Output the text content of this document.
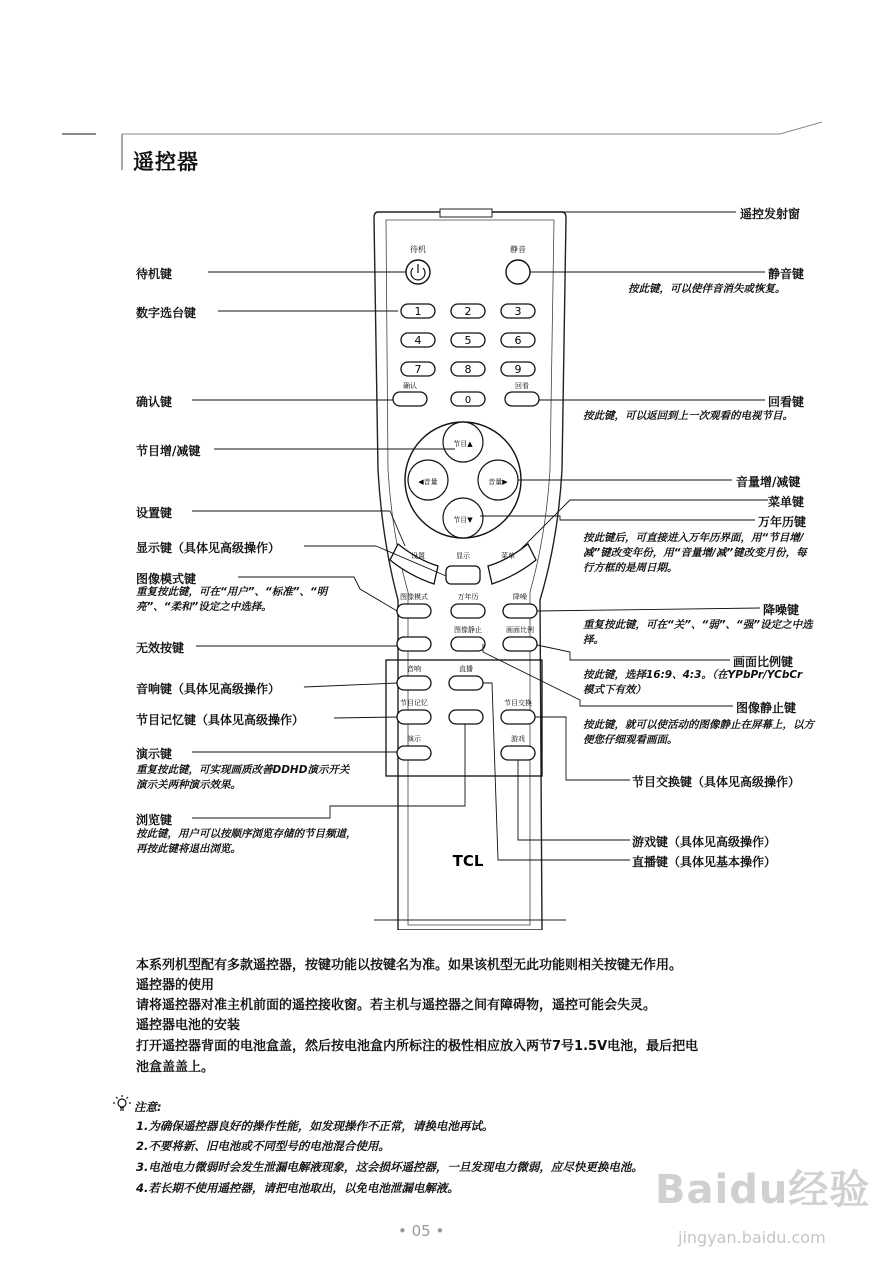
遥控器
待机	静音
1	2	3
4	5	6
7	8	9
确认
0
回看
节目▲
节目▼
◀音量	音量▶
设置	显示	菜单
图像模式	万年历	降噪
图像静止	画面比例
音响	直播
节目记忆	节目交换
演示	游戏
TCL
待机键
数字选台键
确认键
节目增/减键
设置键
显示键（具体见高级操作）
图像模式键
重复按此键，可在“用户”、“标准”、“明亮”、“柔和”设定之中选择。
无效按键
音响键（具体见高级操作）
节目记忆键（具体见高级操作）
演示键
重复按此键，可实现画质改善DDHD演示开关演示关两种演示效果。
浏览键
按此键，用户可以按顺序浏览存储的节目频道，再按此键将退出浏览。
遥控发射窗
静音键
按此键，可以使伴音消失或恢复。
回看键
按此键，可以返回到上一次观看的电视节目。
音量增/减键
菜单键
万年历键
按此键后，可直接进入万年历界面，用“节目增/减”键改变年份，用“音量增/减”键改变月份，每行方框的是周日期。
降噪键
重复按此键，可在“关”、“弱”、“强”设定之中选择。
画面比例键
按此键，选择16:9、4:3。（在YPbPr/YCbCr模式下有效）
图像静止键
按此键，就可以使活动的图像静止在屏幕上，以方便您仔细观看画面。
节目交换键（具体见高级操作）
游戏键（具体见高级操作）
直播键（具体见基本操作）
本系列机型配有多款遥控器，按键功能以按键名为准。如果该机型无此功能则相关按键无作用。
遥控器的使用
请将遥控器对准主机前面的遥控接收窗。若主机与遥控器之间有障碍物，遥控可能会失灵。
遥控器电池的安装
打开遥控器背面的电池盒盖，然后按电池盒内所标注的极性相应放入两节7号1.5V电池，最后把电
池盒盖盖上。
注意:
1.为确保遥控器良好的操作性能，如发现操作不正常，请换电池再试。
2.不要将新、旧电池或不同型号的电池混合使用。
3.电池电力微弱时会发生泄漏电解液现象，这会损坏遥控器，一旦发现电力微弱，应尽快更换电池。
4.若长期不使用遥控器，请把电池取出，以免电池泄漏电解液。
• 05 •
Baidu经验
jingyan.baidu.com
